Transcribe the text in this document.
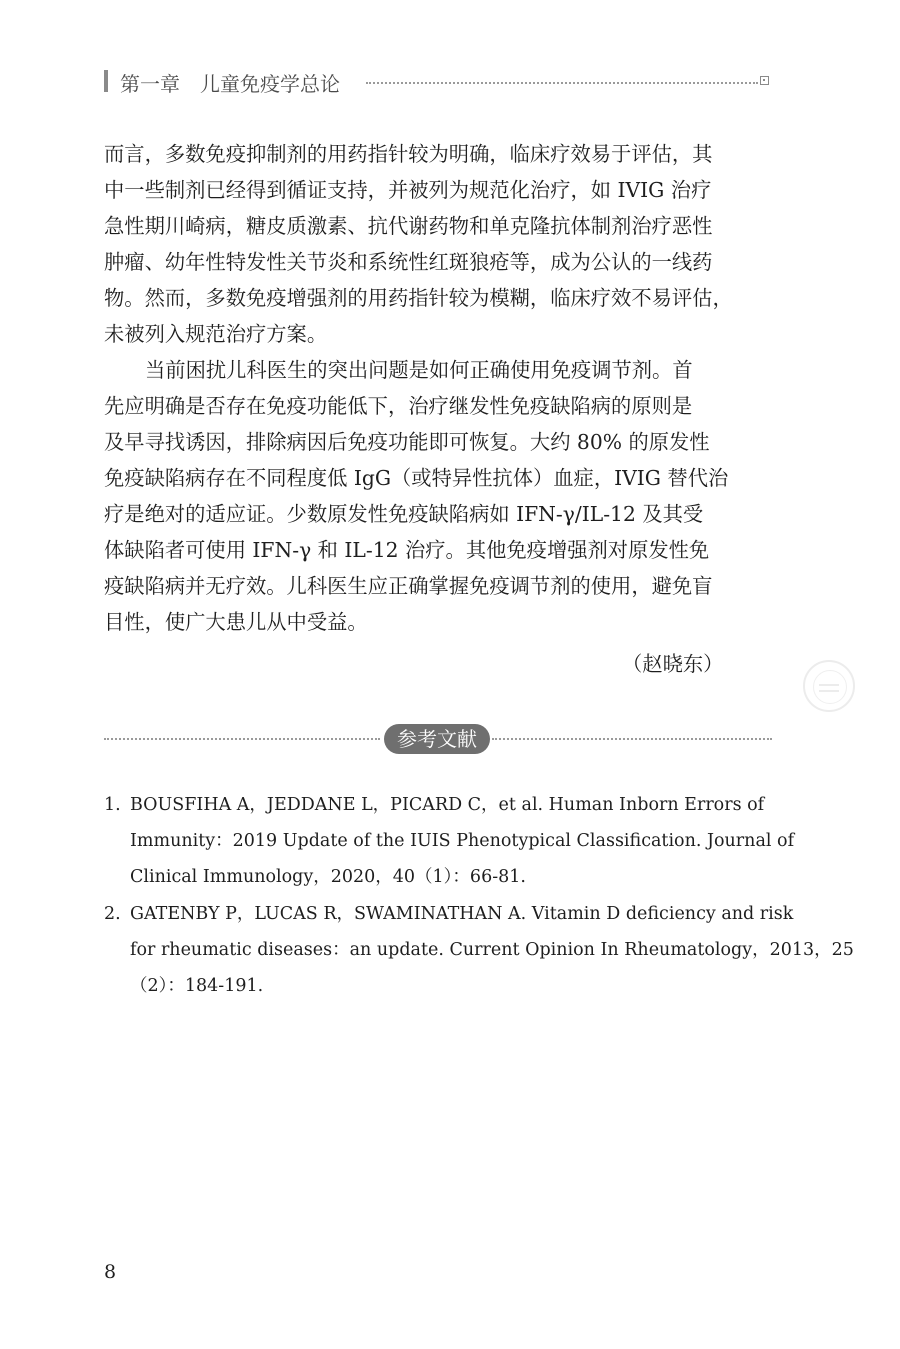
第一章　儿童免疫学总论
而言，多数免疫抑制剂的用药指针较为明确，临床疗效易于评估，其
中一些制剂已经得到循证支持，并被列为规范化治疗，如 IVIG 治疗
急性期川崎病，糖皮质激素、抗代谢药物和单克隆抗体制剂治疗恶性
肿瘤、幼年性特发性关节炎和系统性红斑狼疮等，成为公认的一线药
物。然而，多数免疫增强剂的用药指针较为模糊，临床疗效不易评估，
未被列入规范治疗方案。
当前困扰儿科医生的突出问题是如何正确使用免疫调节剂。首
先应明确是否存在免疫功能低下，治疗继发性免疫缺陷病的原则是
及早寻找诱因，排除病因后免疫功能即可恢复。大约 80% 的原发性
免疫缺陷病存在不同程度低 IgG（或特异性抗体）血症，IVIG 替代治
疗是绝对的适应证。少数原发性免疫缺陷病如 IFN-γ/IL-12 及其受
体缺陷者可使用 IFN-γ 和 IL-12 治疗。其他免疫增强剂对原发性免
疫缺陷病并无疗效。儿科医生应正确掌握免疫调节剂的使用，避免盲
目性，使广大患儿从中受益。
（赵晓东）
参考文献
1. BOUSFIHA A，JEDDANE L，PICARD C，et al. Human Inborn Errors of
Immunity：2019 Update of the IUIS Phenotypical Classification. Journal of
Clinical Immunology，2020，40（1）：66-81.
2. GATENBY P，LUCAS R，SWAMINATHAN A. Vitamin D deficiency and risk
for rheumatic diseases：an update. Current Opinion In Rheumatology，2013，25
（2）：184-191.
8
